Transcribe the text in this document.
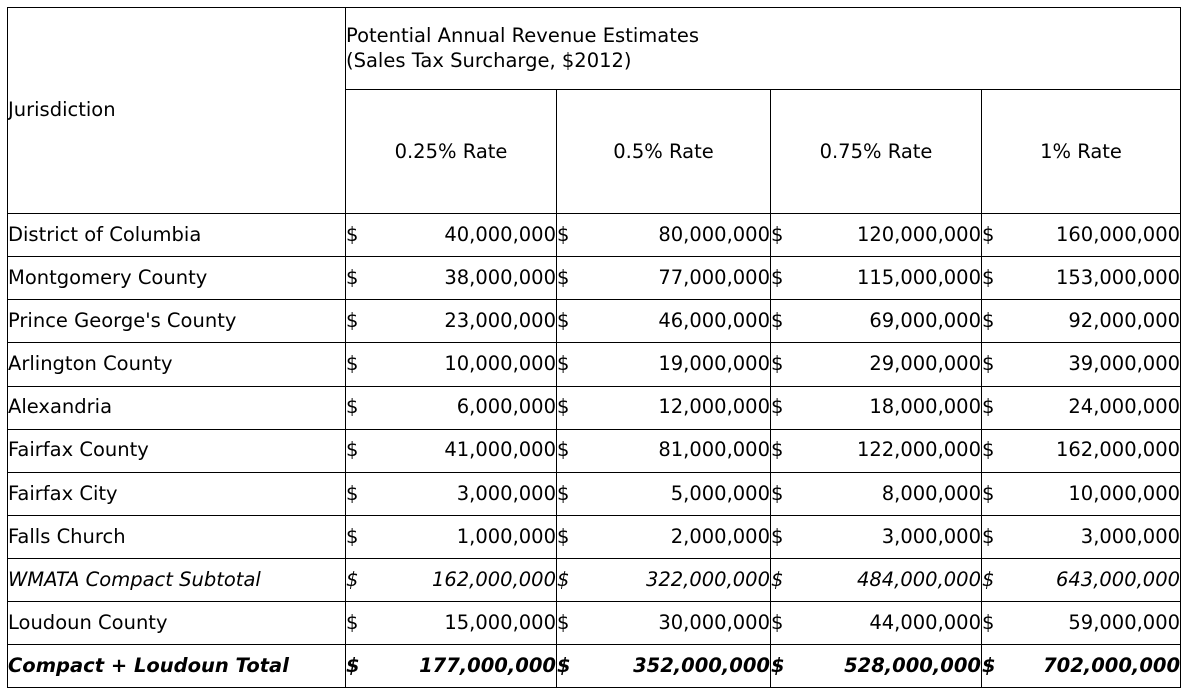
Jurisdiction	Potential Annual Revenue Estimates
(Sales Tax Surcharge, $2012)			

	0.25% Rate	0.5% Rate	0.75% Rate	1% Rate
District of Columbia	$ 40,000,000	$ 80,000,000	$ 120,000,000	$ 160,000,000

Montgomery County	$ 38,000,000	$ 77,000,000	$ 115,000,000	$ 153,000,000

Prince George's County	$ 23,000,000	$ 46,000,000	$ 69,000,000	$ 92,000,000

Arlington County	$ 10,000,000	$ 19,000,000	$ 29,000,000	$ 39,000,000

Alexandria	$ 6,000,000	$ 12,000,000	$ 18,000,000	$ 24,000,000

Fairfax County	$ 41,000,000	$ 81,000,000	$ 122,000,000	$ 162,000,000

Fairfax City	$ 3,000,000	$ 5,000,000	$ 8,000,000	$ 10,000,000

Falls Church	$ 1,000,000	$ 2,000,000	$ 3,000,000	$ 3,000,000

WMATA Compact Subtotal	$ 162,000,000	$ 322,000,000	$ 484,000,000	$ 643,000,000

Loudoun County	$ 15,000,000	$ 30,000,000	$ 44,000,000	$ 59,000,000

Compact + Loudoun Total	$ 177,000,000	$ 352,000,000	$ 528,000,000	$ 702,000,000
